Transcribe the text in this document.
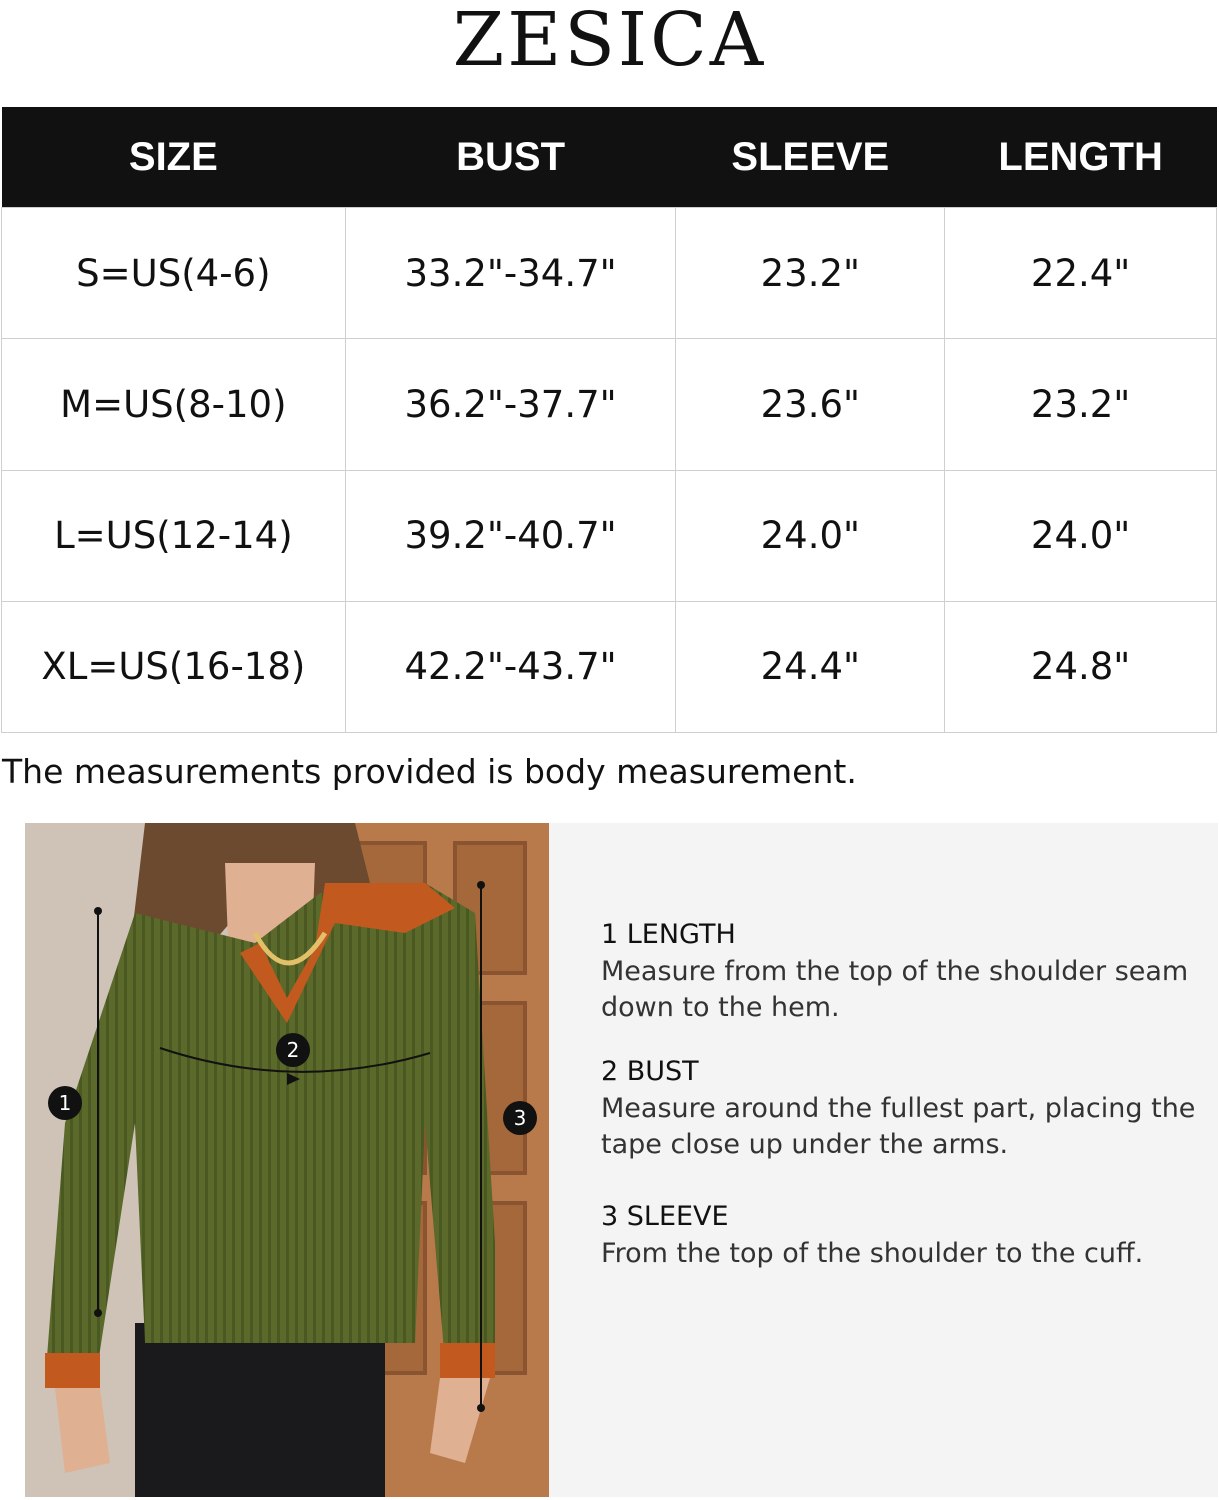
ZESICA
SIZE	BUST	SLEEVE	LENGTH
S=US(4-6)	33.2"-34.7"	23.2"	22.4"
M=US(8-10)	36.2"-37.7"	23.6"	23.2"
L=US(12-14)	39.2"-40.7"	24.0"	24.0"
XL=US(16-18)	42.2"-43.7"	24.4"	24.8"
The measurements provided is body measurement.
1
2
3
1 LENGTH
Measure from the top of the shoulder seam down to the hem.
2 BUST
Measure around the fullest part, placing the tape close up under the arms.
3 SLEEVE
From the top of the shoulder to the cuff.
